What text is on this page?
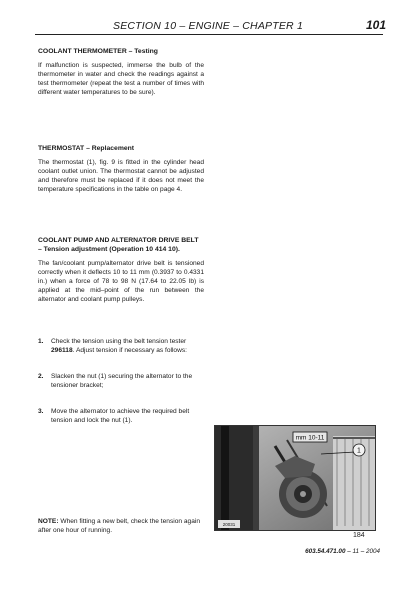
SECTION 10 – ENGINE – CHAPTER 1	101
COOLANT THERMOMETER – Testing
If malfunction is suspected, immerse the bulb of the thermometer in water and check the readings against a test thermometer (repeat the test a number of times with different water temperatures to be sure).
THERMOSTAT – Replacement
The thermostat (1), fig. 9 is fitted in the cylinder head coolant outlet union. The thermostat cannot be adjusted and therefore must be replaced if it does not meet the temperature specifications in the table on page 4.
COOLANT PUMP AND ALTERNATOR DRIVE BELT – Tension adjustment (Operation 10 414 10).
The fan/coolant pump/alternator drive belt is tensioned correctly when it deflects 10 to 11 mm (0.3937 to 0.4331 in.) when a force of 78 to 98 N (17.64 to 22.05 lb) is applied at the mid–point of the run between the alternator and coolant pump pulleys.
1. Check the tension using the belt tension tester 296118. Adjust tension if necessary as follows:
2. Slacken the nut (1) securing the alternator to the tensioner bracket;
3. Move the alternator to achieve the required belt tension and lock the nut (1).
NOTE: When fitting a new belt, check the tension again after one hour of running.
mm 10-11
1
20031
184
603.54.471.00 – 11 – 2004
